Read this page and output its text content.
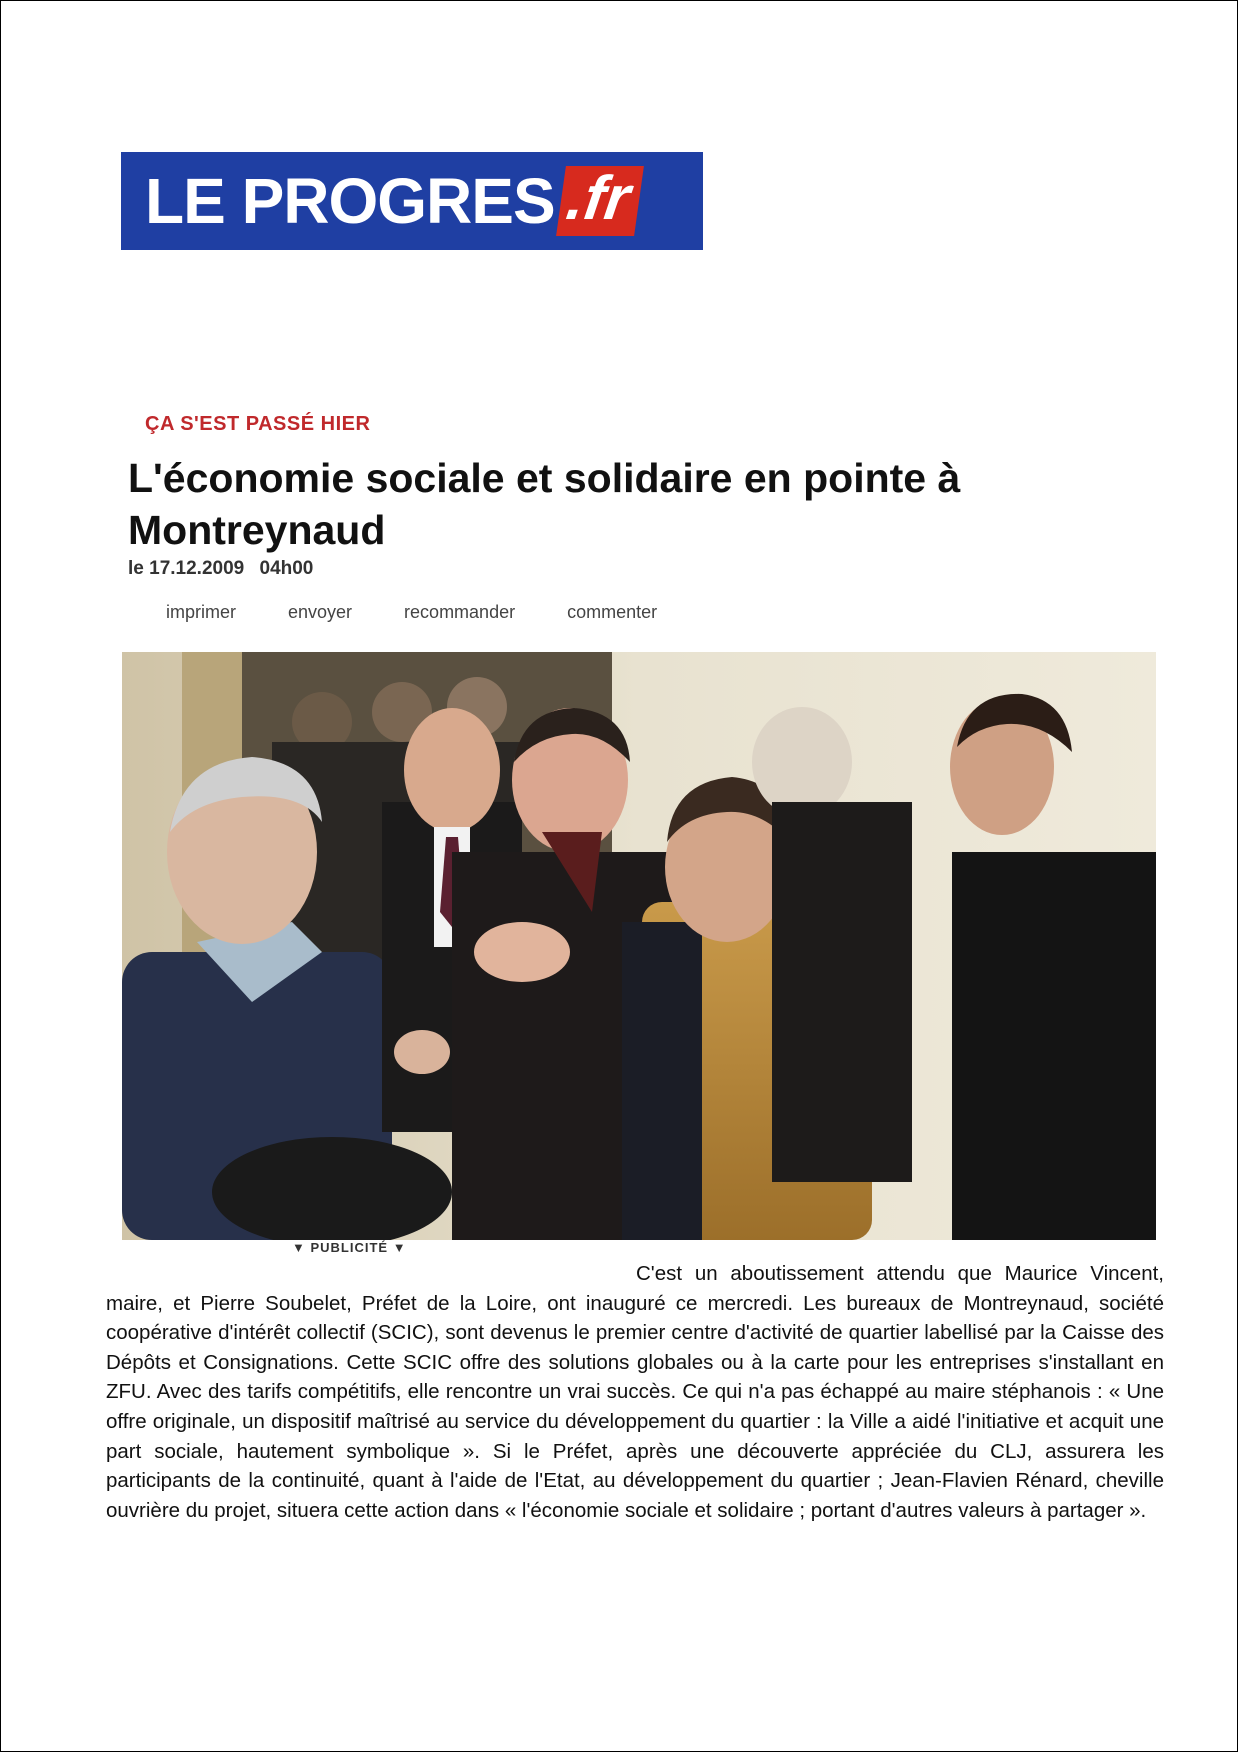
LE PROGRES .fr
ÇA S'EST PASSÉ HIER
L'économie sociale et solidaire en pointe à Montreynaud
le 17.12.2009 04h00
imprimer	envoyer	recommander	commenter
▼ PUBLICITÉ ▼

C'est un aboutissement attendu que Maurice Vincent, maire, et Pierre Soubelet, Préfet de la Loire, ont inauguré ce mercredi. Les bureaux de Montreynaud, société coopérative d'intérêt collectif (SCIC), sont devenus le premier centre d'activité de quartier labellisé par la Caisse des Dépôts et Consignations. Cette SCIC offre des solutions globales ou à la carte pour les entreprises s'installant en ZFU. Avec des tarifs compétitifs, elle rencontre un vrai succès. Ce qui n'a pas échappé au maire stéphanois : « Une offre originale, un dispositif maîtrisé au service du développement du quartier : la Ville a aidé l'initiative et acquit une part sociale, hautement symbolique ». Si le Préfet, après une découverte appréciée du CLJ, assurera les participants de la continuité, quant à l'aide de l'Etat, au développement du quartier ; Jean-Flavien Rénard, cheville ouvrière du projet, situera cette action dans « l'économie sociale et solidaire ; portant d'autres valeurs à partager ».
